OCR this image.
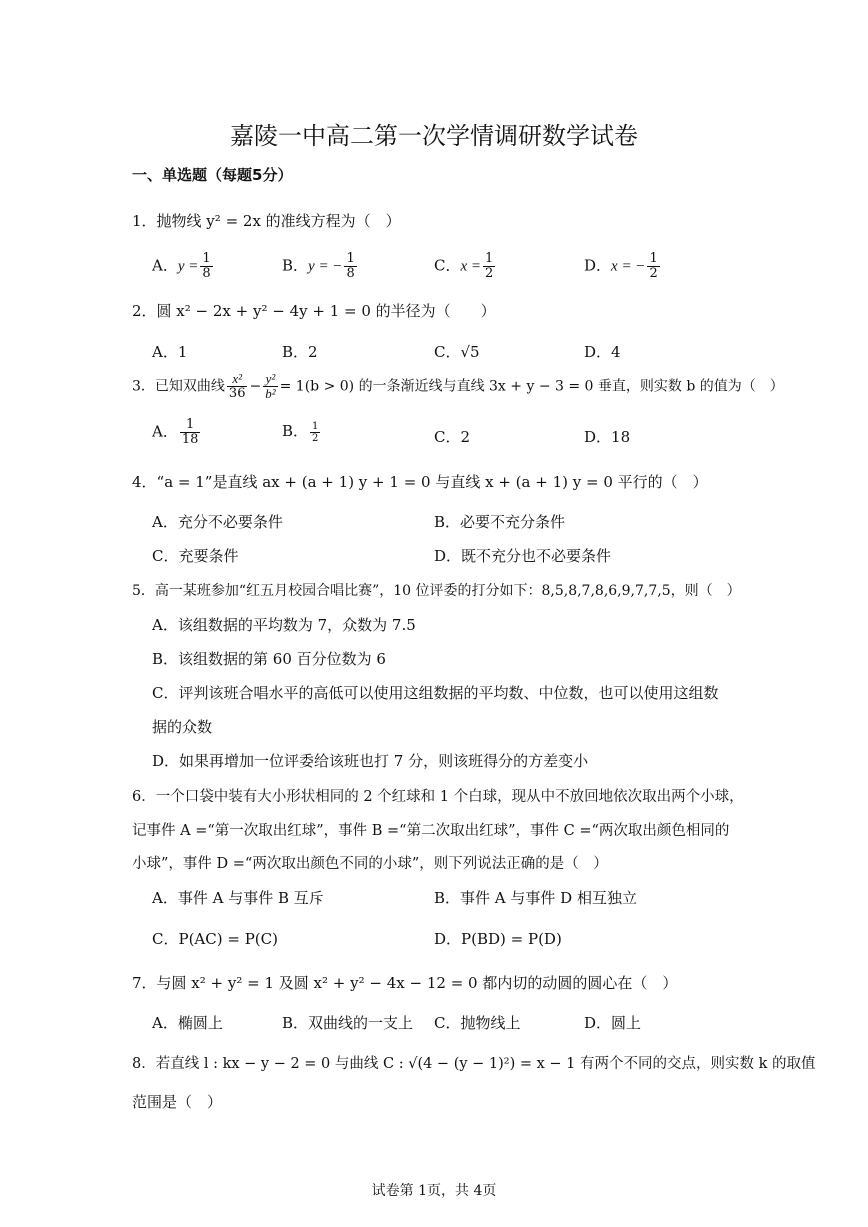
嘉陵一中高二第一次学情调研数学试卷
一、单选题（每题5分）
1．抛物线 y² = 2x 的准线方程为（　）
A．$y = \frac{1}{8}$	B．y = − $\frac{1}{8}$	C．$x = \frac{1}{2}$	D．x = − $\frac{1}{2}$
2．圆 x² − 2x + y² − 4y + 1 = 0 的半径为（　　）
A．1	B．2	C．√5	D．4
3．已知双曲线 $\frac{\text{x²}}{36} - \frac{\text{y²}}{\text{b²}} = 1(b > 0)$ 的一条渐近线与直线 3x + y − 3 = 0 垂直，则实数 b 的值为（　）
A． $\frac{1}{18}$	B． $\frac{1}{2}$	C．2	D．18
4．“a = 1”是直线 ax + (a + 1) y + 1 = 0 与直线 x + (a + 1) y = 0 平行的（　）
A．充分不必要条件	B．必要不充分条件
C．充要条件	D．既不充分也不必要条件
5．高一某班参加“红五月校园合唱比赛”，10 位评委的打分如下：8,5,8,7,8,6,9,7,7,5，则（　）
A．该组数据的平均数为 7，众数为 7.5
B．该组数据的第 60 百分位数为 6
C．评判该班合唱水平的高低可以使用这组数据的平均数、中位数，也可以使用这组数
据的众数
D．如果再增加一位评委给该班也打 7 分，则该班得分的方差变小
6．一个口袋中装有大小形状相同的 2 个红球和 1 个白球，现从中不放回地依次取出两个小球，
记事件 A =“第一次取出红球”，事件 B =“第二次取出红球”，事件 C =“两次取出颜色相同的
小球”，事件 D =“两次取出颜色不同的小球”，则下列说法正确的是（　）
A．事件 A 与事件 B 互斥	B．事件 A 与事件 D 相互独立
C．P(AC) = P(C)	D．P(BD) = P(D)
7．与圆 x² + y² = 1 及圆 x² + y² − 4x − 12 = 0 都内切的动圆的圆心在（　）
A．椭圆上	B．双曲线的一支上 C．抛物线上	D．圆上
8．若直线 l : kx − y − 2 = 0 与曲线 C : √(4 − (y − 1)²) = x − 1 有两个不同的交点，则实数 k 的取值
范围是（　）
试卷第 1页，共 4页
